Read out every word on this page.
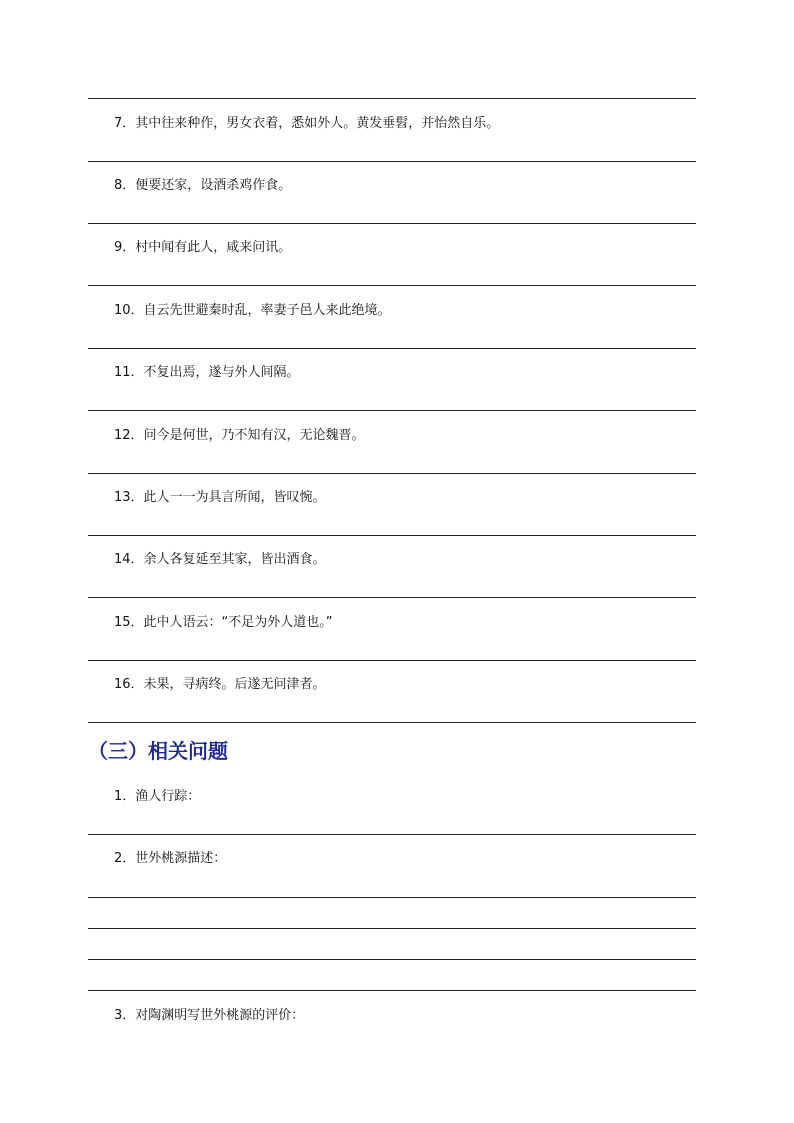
7．其中往来种作，男女衣着，悉如外人。黄发垂髫，并怡然自乐。
8．便要还家，设酒杀鸡作食。
9．村中闻有此人，咸来问讯。
10．自云先世避秦时乱，率妻子邑人来此绝境。
11．不复出焉，遂与外人间隔。
12．问今是何世，乃不知有汉，无论魏晋。
13．此人一一为具言所闻，皆叹惋。
14．余人各复延至其家，皆出酒食。
15．此中人语云：“不足为外人道也。”
16．未果，寻病终。后遂无问津者。
（三）相关问题
1．渔人行踪：
2．世外桃源描述：
3．对陶渊明写世外桃源的评价：
